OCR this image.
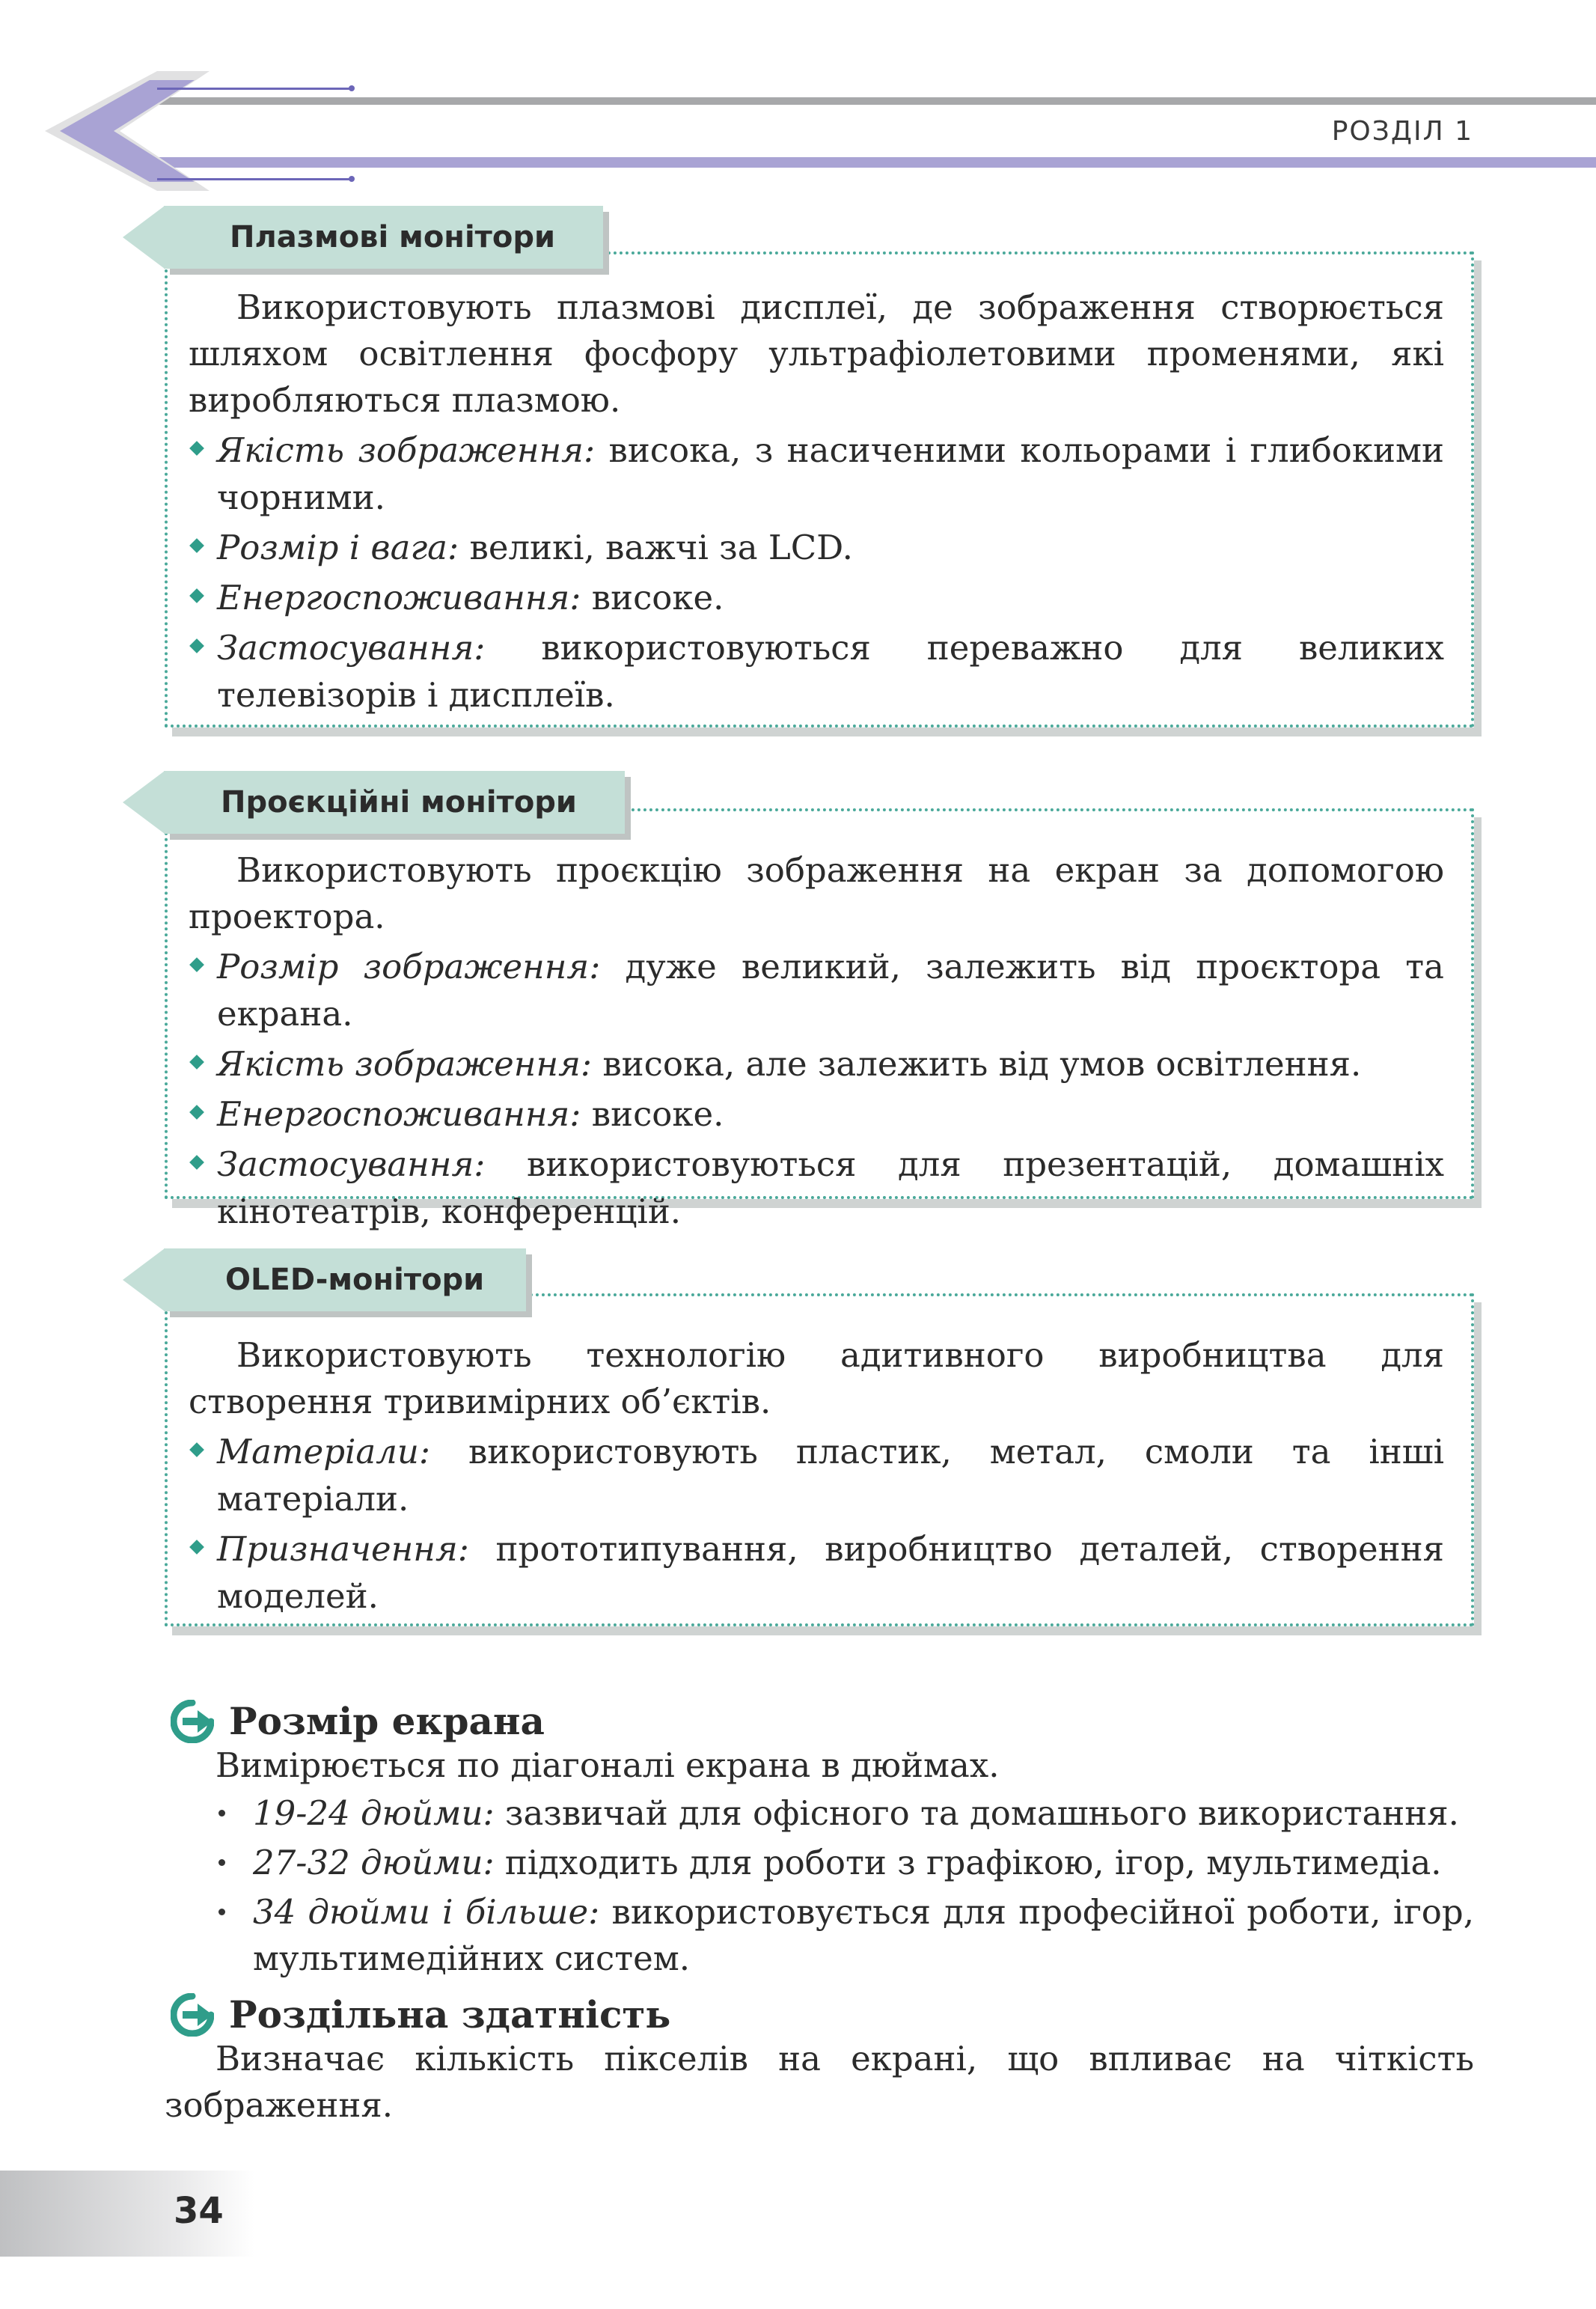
РОЗДІЛ 1

Використовують плазмові дисплеї, де зображення створюється шляхом освітлення фосфору ультрафіолетовими променями, які виробляються плазмою.

Якість зображення: висока, з насиченими кольорами і глибокими чорними.
Розмір і вага: великі, важчі за LCD.
Енергоспоживання: високе.
Застосування: використовуються переважно для великих телевізорів і дисплеїв.
Плазмові монітори

Використовують проєкцію зображення на екран за допомогою проектора.

Розмір зображення: дуже великий, залежить від проєктора та екрана.
Якість зображення: висока, але залежить від умов освітлення.
Енергоспоживання: високе.
Застосування: використовуються для презентацій, домашніх кінотеатрів, конференцій.
Проєкційні монітори

Використовують технологію адитивного виробництва для створення тривимірних об’єктів.

Матеріали: використовують пластик, метал, смоли та інші матеріали.
Призначення: прототипування, виробництво деталей, створення моделей.
OLED-монітори
Розмір екрана
Вимірюється по діагоналі екрана в дюймах.
19-24 дюйми: зазвичай для офісного та домашнього використання.
27-32 дюйми: підходить для роботи з графікою, ігор, мультимедіа.
34 дюйми і більше: використовується для професійної роботи, ігор, мультимедійних систем.
Роздільна здатність
Визначає кількість пікселів на екрані, що впливає на чіткість зображення.
34
